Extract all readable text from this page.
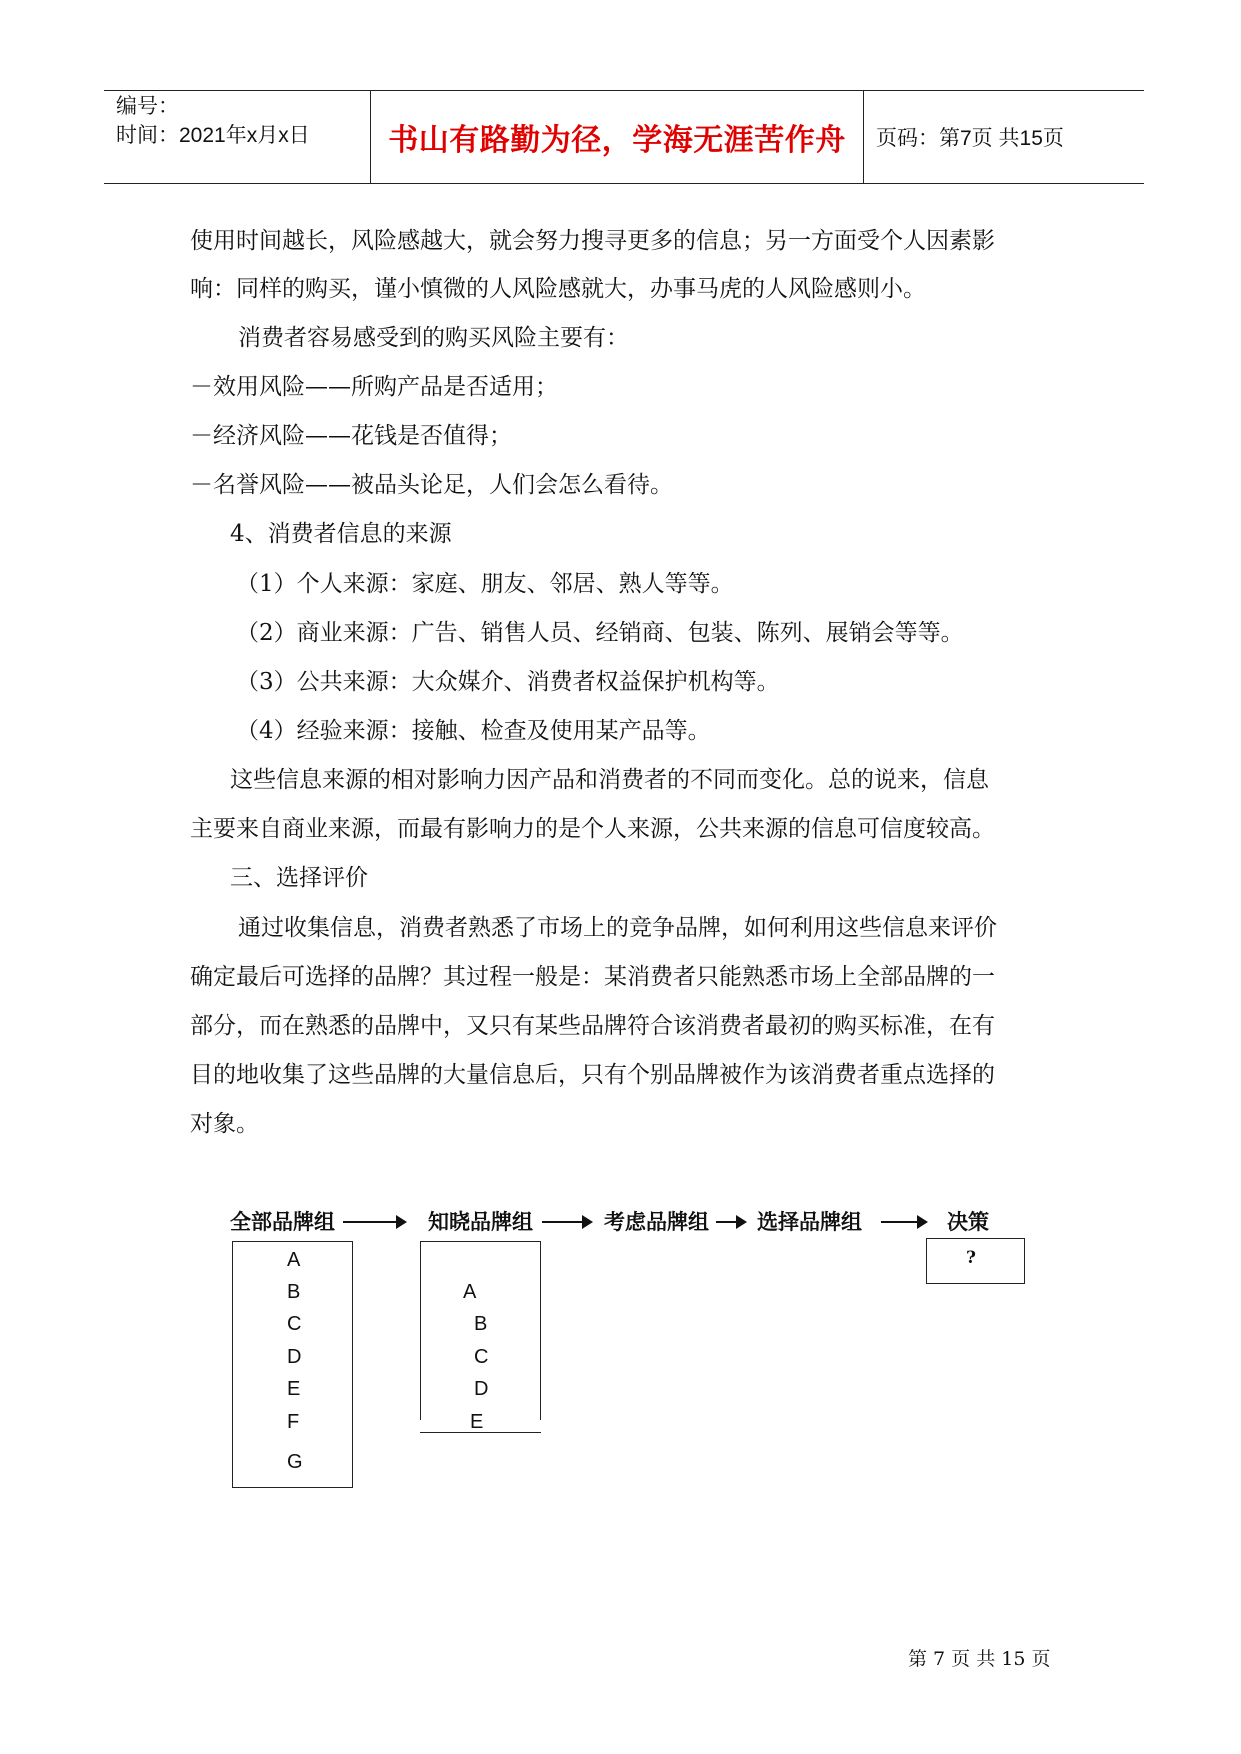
编号：
时间：2021年x月x日	书山有路勤为径，学海无涯苦作舟	页码：第7页 共15页
使用时间越长，风险感越大，就会努力搜寻更多的信息；另一方面受个人因素影
响：同样的购买，谨小慎微的人风险感就大，办事马虎的人风险感则小。
消费者容易感受到的购买风险主要有：
－效用风险——所购产品是否适用；
－经济风险——花钱是否值得；
－名誉风险——被品头论足，人们会怎么看待。
4、消费者信息的来源
（1）个人来源：家庭、朋友、邻居、熟人等等。
（2）商业来源：广告、销售人员、经销商、包装、陈列、展销会等等。
（3）公共来源：大众媒介、消费者权益保护机构等。
（4）经验来源：接触、检查及使用某产品等。
这些信息来源的相对影响力因产品和消费者的不同而变化。总的说来，信息
主要来自商业来源，而最有影响力的是个人来源，公共来源的信息可信度较高。
三、选择评价
通过收集信息，消费者熟悉了市场上的竞争品牌，如何利用这些信息来评价
确定最后可选择的品牌？其过程一般是：某消费者只能熟悉市场上全部品牌的一
部分，而在熟悉的品牌中，又只有某些品牌符合该消费者最初的购买标准，在有
目的地收集了这些品牌的大量信息后，只有个别品牌被作为该消费者重点选择的
对象。
全部品牌组	知晓品牌组	考虑品牌组 选择品牌组	决策
A
B
C
D
E
F
G
A
B
C
D
E
?
第 7 页 共 15 页
